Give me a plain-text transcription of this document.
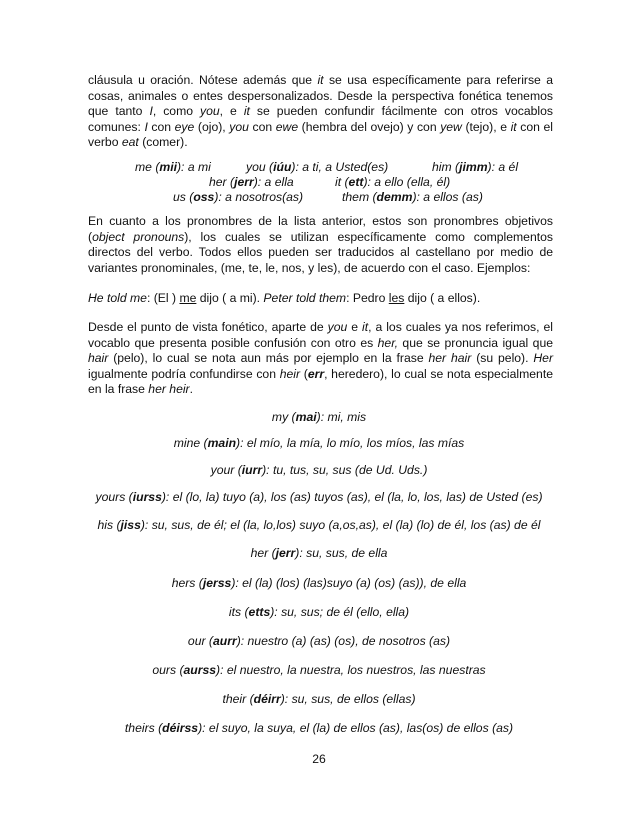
cláusula u oración. Nótese además que it se usa específicamente para referirse a cosas, animales o entes despersonalizados. Desde la perspectiva fonética tenemos que tanto I, como you, e it se pueden confundir fácilmente con otros vocablos comunes: I con eye (ojo), you con ewe (hembra del ovejo) y con yew (tejo), e it con el verbo eat (comer).

me (mii): a mi	you (iúu): a ti, a Usted(es)	him (jimm): a él
her (jerr): a ella	it (ett): a ello (ella, él)
us (oss): a nosotros(as)	them (demm): a ellos (as)

En cuanto a los pronombres de la lista anterior, estos son pronombres objetivos (object pronouns), los cuales se utilizan específicamente como complementos directos del verbo. Todos ellos pueden ser traducidos al castellano por medio de variantes pronominales, (me, te, le, nos, y les), de acuerdo con el caso. Ejemplos:

He told me: (El ) me dijo ( a mi). Peter told them: Pedro les dijo ( a ellos).

Desde el punto de vista fonético, aparte de you e it, a los cuales ya nos referimos, el vocablo que presenta posible confusión con otro es her, que se pronuncia igual que hair (pelo), lo cual se nota aun más por ejemplo en la frase her hair (su pelo). Her igualmente podría confundirse con heir (err, heredero), lo cual se nota especialmente en la frase her heir.

my (mai): mi, mis
mine (main): el mío, la mía, lo mío, los míos, las mías
your (iurr): tu, tus, su, sus (de Ud. Uds.)
yours (iurss): el (lo, la) tuyo (a), los (as) tuyos (as), el (la, lo, los, las) de Usted (es)
his (jiss): su, sus, de él; el (la, lo,los) suyo (a,os,as), el (la) (lo) de él, los (as) de él
her (jerr): su, sus, de ella
hers (jerss): el (la) (los) (las)suyo (a) (os) (as)), de ella
its (etts): su, sus; de él (ello, ella)
our (aurr): nuestro (a) (as) (os), de nosotros (as)
ours (aurss): el nuestro, la nuestra, los nuestros, las nuestras
their (déirr): su, sus, de ellos (ellas)
theirs (déirss): el suyo, la suya, el (la) de ellos (as), las(os) de ellos (as)
26
